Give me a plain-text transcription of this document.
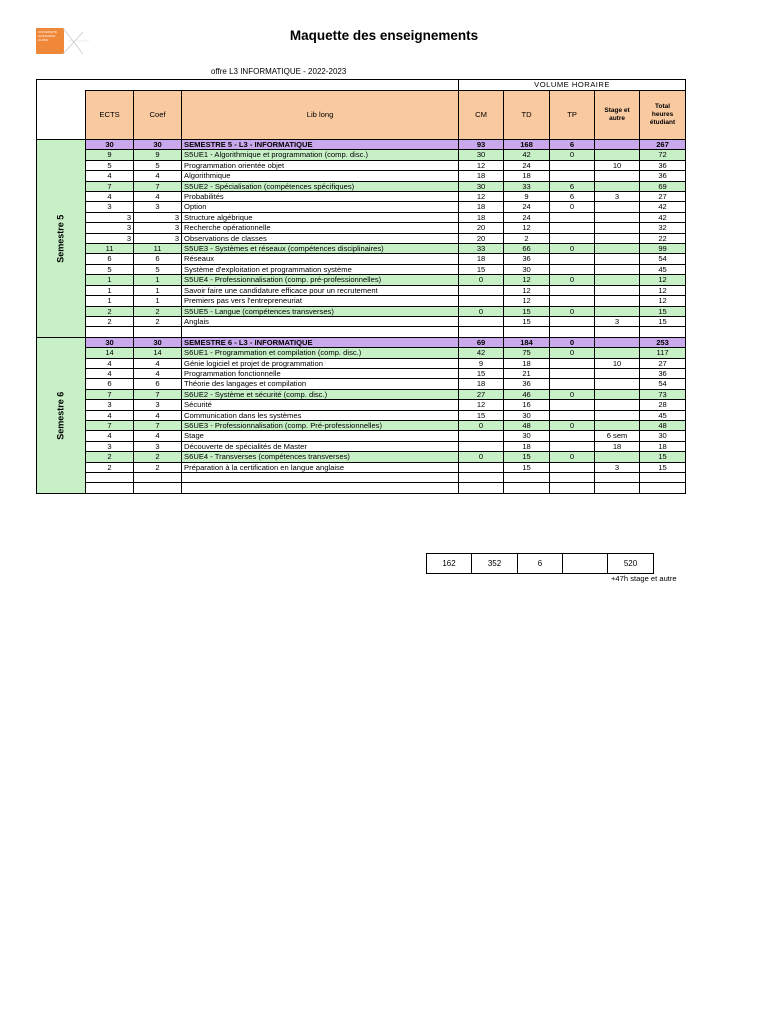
UNIVERSITÉ GRENOBLE ALPES	Maquette des enseignements
offre L3 INFORMATIQUE - 2022-2023
				VOLUME HORAIRE				
	ECTS	Coef	Lib long	CM	TD	TP	Stage et
autre	Total
heures
étudiant
Semestre 5	30	30	SEMESTRE 5 - L3 - INFORMATIQUE	93	168	6		267
	9	9	S5UE1 - Algorithmique et programmation (comp. disc.)	30	42	0		72
	5	5	Programmation orientée objet	12	24		10	36
	4	4	Algorithmique	18	18			36
	7	7	S5UE2 - Spécialisation (compétences spécifiques)	30	33	6		69
	4	4	Probabilités	12	9	6	3	27
	3	3	Option	18	24	0		42
	3	3	Structure algébrique	18	24			42
	3	3	Recherche opérationnelle	20	12			32
	3	3	Observations de classes	20	2			22
	11	11	S5UE3 - Systèmes et réseaux (compétences disciplinaires)	33	66	0		99
	6	6	Réseaux	18	36			54
	5	5	Système d'exploitation et programmation système	15	30			45
	1	1	S5UE4 - Professionnalisation (comp. pré-professionnelles)	0	12	0		12
	1	1	Savoir faire une candidature efficace pour un recrutement		12			12
	1	1	Premiers pas vers l'entrepreneuriat		12			12
	2	2	S5UE5 - Langue (compétences transverses)	0	15	0		15
	2	2	Anglais		15		3	15

Semestre 6	30	30	SEMESTRE 6 - L3 - INFORMATIQUE	69	184	0		253
	14	14	S6UE1 - Programmation et compilation (comp. disc.)	42	75	0		117
	4	4	Génie logiciel et projet de programmation	9	18		10	27
	4	4	Programmation fonctionnelle	15	21			36
	6	6	Théorie des langages et compilation	18	36			54
	7	7	S6UE2 - Système et sécurité (comp. disc.)	27	46	0		73
	3	3	Sécurité	12	16			28
	4	4	Communication dans les systèmes	15	30			45
	7	7	S6UE3 - Professionnalisation (comp. Pré-professionnelles)	0	48	0		48
	4	4	Stage		30		6 sem	30
	3	3	Découverte de spécialités de Master		18		18	18
	2	2	S6UE4 - Transverses (compétences transverses)	0	15	0		15
	2	2	Préparation à la certification en langue anglaise		15		3	15

162	352	6		520
+47h stage et autre
